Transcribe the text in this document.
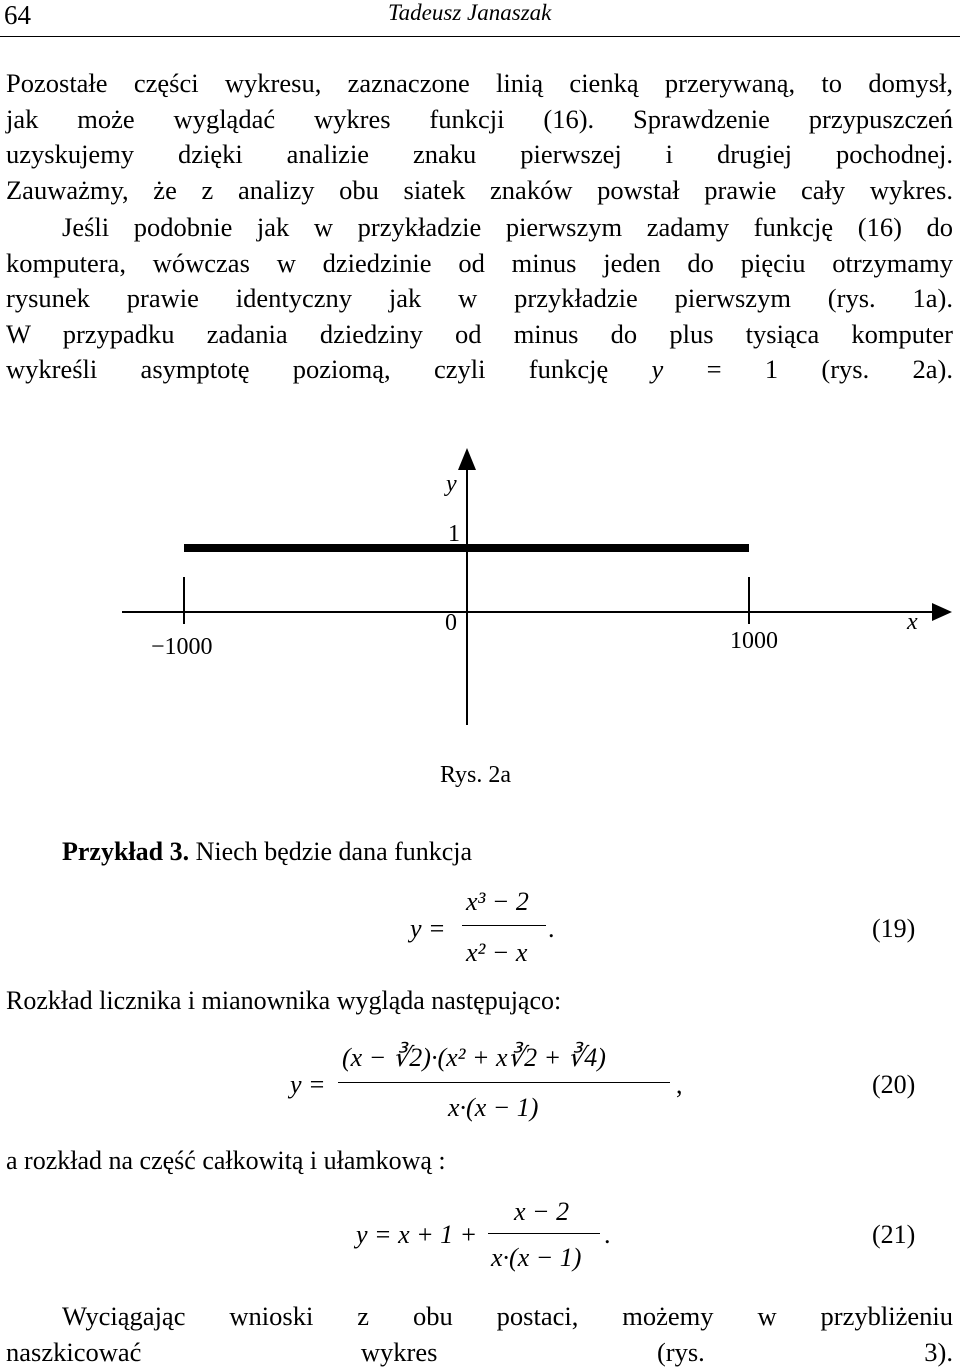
64	Tadeusz Janaszak
Pozostałe części wykresu, zaznaczone linią cienką przerywaną, to domysł,
jak może wyglądać wykres funkcji (16). Sprawdzenie przypuszczeń
uzyskujemy dzięki analizie znaku pierwszej i drugiej pochodnej.
Zauważmy, że z analizy obu siatek znaków powstał prawie cały wykres.
Jeśli podobnie jak w przykładzie pierwszym zadamy funkcję (16) do
komputera, wówczas w dziedzinie od minus jeden do pięciu otrzymamy
rysunek prawie identyczny jak w przykładzie pierwszym (rys. 1a).
W przypadku zadania dziedziny od minus do plus tysiąca komputer
wykreśli asymptotę poziomą, czyli funkcję y = 1 (rys. 2a).
y
1
0	x
−1000	1000
Rys. 2a
Przykład 3. Niech będzie dana funkcja
y =
x³ − 2
x² − x
.	(19)
Rozkład licznika i mianownika wygląda następująco:
y =
(x − ∛2)·(x² + x∛2 + ∛4)
x·(x − 1)
,	(20)
a rozkład na część całkowitą i ułamkową :
y = x + 1 +
x − 2
x·(x − 1)
.	(21)
Wyciągając wnioski z obu postaci, możemy w przybliżeniu
naszkicować wykres (rys. 3).
